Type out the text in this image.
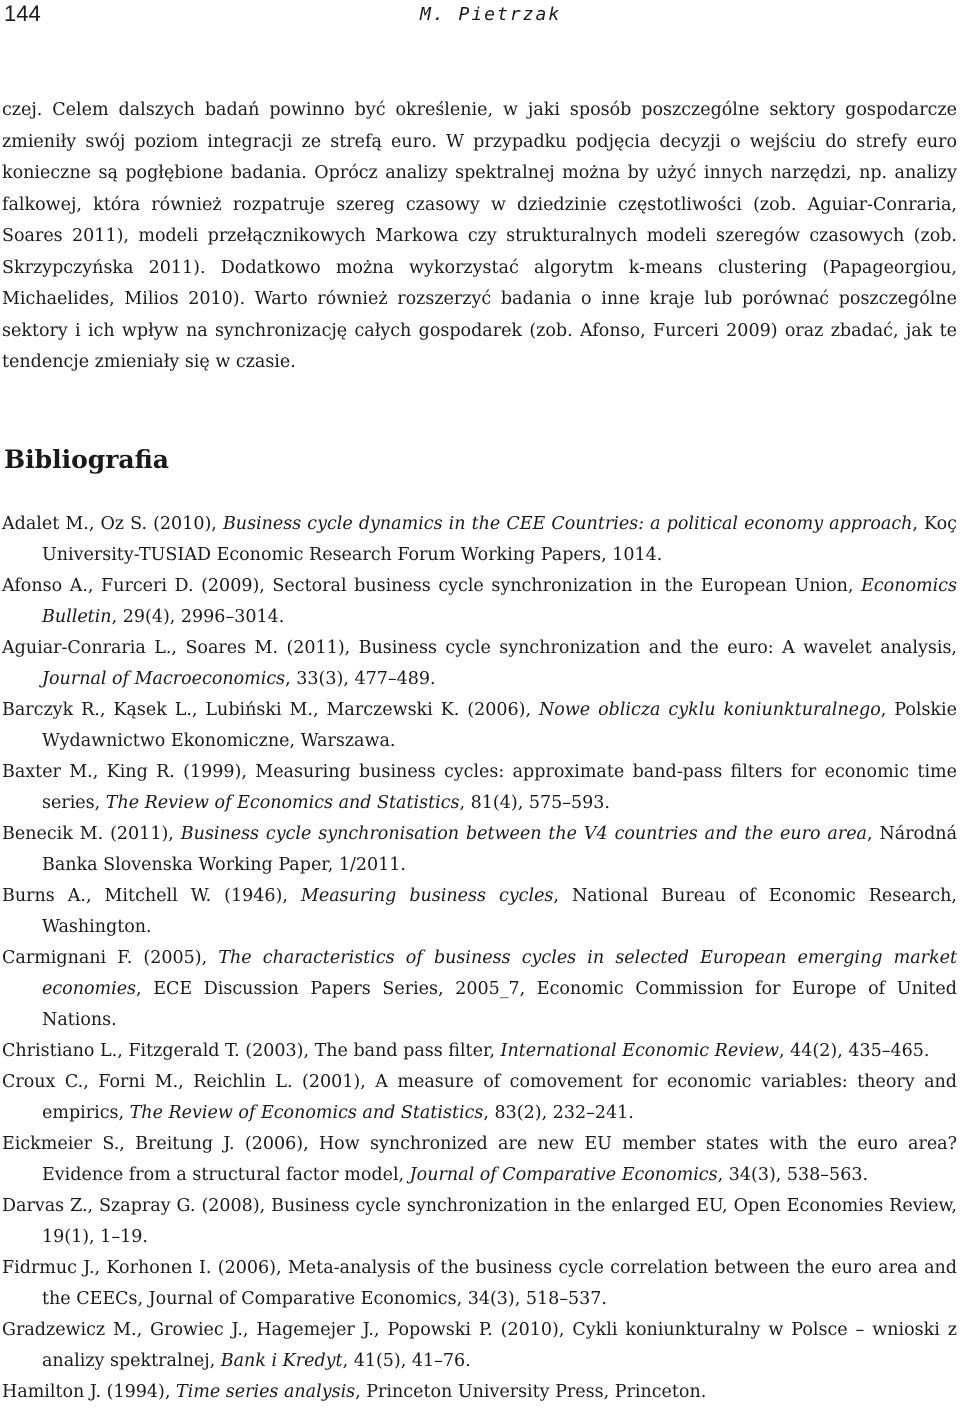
144	M. Pietrzak

czej. Celem dalszych badań powinno być określenie, w jaki sposób poszczególne sektory gospodarcze zmieniły swój poziom integracji ze strefą euro. W przypadku podjęcia decyzji o wejściu do strefy euro konieczne są pogłębione badania. Oprócz analizy spektralnej można by użyć innych narzędzi, np. analizy falkowej, która również rozpatruje szereg czasowy w dziedzinie częstotliwości (zob. Aguiar-Conraria, Soares 2011), modeli przełącznikowych Markowa czy strukturalnych modeli szeregów czasowych (zob. Skrzypczyńska 2011). Dodatkowo można wykorzystać algorytm k-means clustering (Papageorgiou, Michaelides, Milios 2010). Warto również rozszerzyć badania o inne kraje lub porównać poszczególne sektory i ich wpływ na synchronizację całych gospodarek (zob. Afonso, Furceri 2009) oraz zbadać, jak te tendencje zmieniały się w czasie.

Bibliografia
Adalet M., Oz S. (2010), Business cycle dynamics in the CEE Countries: a political economy approach, Koç University-TUSIAD Economic Research Forum Working Papers, 1014.
Afonso A., Furceri D. (2009), Sectoral business cycle synchronization in the European Union, Economics Bulletin, 29(4), 2996–3014.
Aguiar-Conraria L., Soares M. (2011), Business cycle synchronization and the euro: A wavelet analysis, Journal of Macroeconomics, 33(3), 477–489.
Barczyk R., Kąsek L., Lubiński M., Marczewski K. (2006), Nowe oblicza cyklu koniunkturalnego, Polskie Wydawnictwo Ekonomiczne, Warszawa.
Baxter M., King R. (1999), Measuring business cycles: approximate band-pass filters for economic time series, The Review of Economics and Statistics, 81(4), 575–593.
Benecik M. (2011), Business cycle synchronisation between the V4 countries and the euro area, Národná Banka Slovenska Working Paper, 1/2011.
Burns A., Mitchell W. (1946), Measuring business cycles, National Bureau of Economic Research, Washington.
Carmignani F. (2005), The characteristics of business cycles in selected European emerging market economies, ECE Discussion Papers Series, 2005_7, Economic Commission for Europe of United Nations.
Christiano L., Fitzgerald T. (2003), The band pass filter, International Economic Review, 44(2), 435–465.
Croux C., Forni M., Reichlin L. (2001), A measure of comovement for economic variables: theory and empirics, The Review of Economics and Statistics, 83(2), 232–241.
Eickmeier S., Breitung J. (2006), How synchronized are new EU member states with the euro area? Evidence from a structural factor model, Journal of Comparative Economics, 34(3), 538–563.
Darvas Z., Szapray G. (2008), Business cycle synchronization in the enlarged EU, Open Economies Review, 19(1), 1–19.
Fidrmuc J., Korhonen I. (2006), Meta-analysis of the business cycle correlation between the euro area and the CEECs, Journal of Comparative Economics, 34(3), 518–537.
Gradzewicz M., Growiec J., Hagemejer J., Popowski P. (2010), Cykli koniunkturalny w Polsce – wnioski z analizy spektralnej, Bank i Kredyt, 41(5), 41–76.
Hamilton J. (1994), Time series analysis, Princeton University Press, Princeton.
